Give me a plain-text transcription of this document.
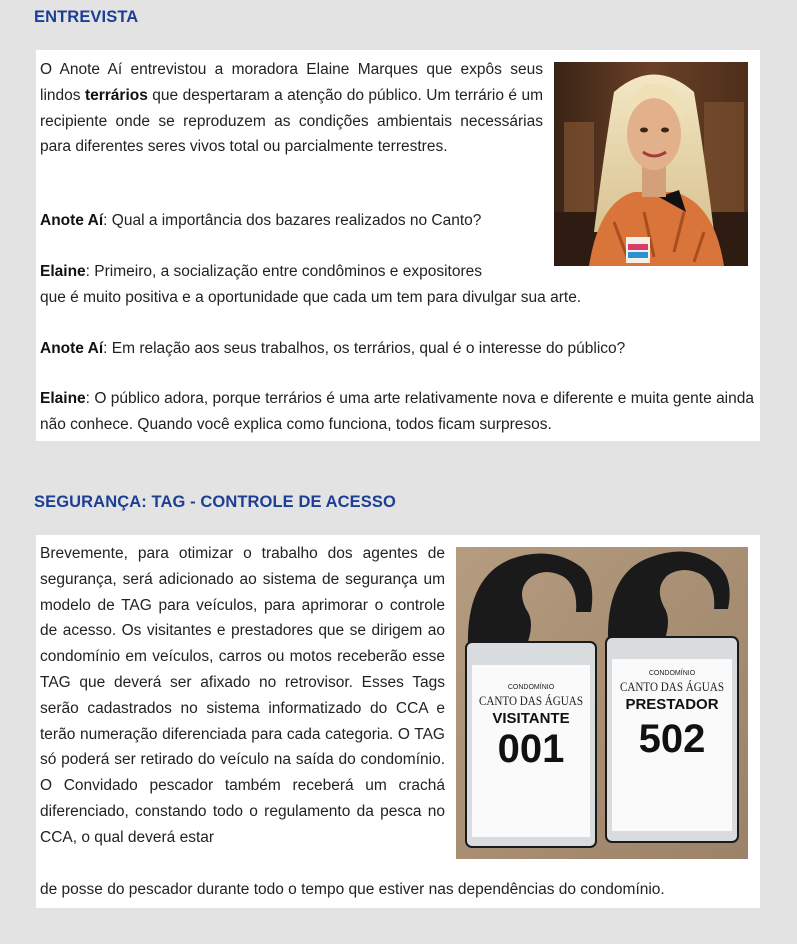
ENTREVISTA
O Anote Aí entrevistou a moradora Elaine Marques que expôs seus lindos terrários que despertaram a atenção do público. Um terrário é um recipiente onde se reproduzem as condições ambientais necessárias para diferentes seres vivos total ou parcialmente terrestres.
Anote Aí: Qual a importância dos bazares realizados no Canto?
Elaine: Primeiro, a socialização entre condôminos e expositores
que é muito positiva e a oportunidade que cada um tem para divulgar sua arte.
Anote Aí: Em relação aos seus trabalhos, os terrários, qual é o interesse do público?
Elaine: O público adora, porque terrários é uma arte relativamente nova e diferente e muita gente ainda não conhece. Quando você explica como funciona, todos ficam surpresos.
SEGURANÇA: TAG - CONTROLE DE ACESSO
Brevemente, para otimizar o trabalho dos agentes de segurança, será adicionado ao sistema de segurança um modelo de TAG para veículos, para aprimorar o controle de acesso. Os visitantes e prestadores que se dirigem ao condomínio em veículos, carros ou motos receberão esse TAG que deverá ser afixado no retrovisor. Esses Tags serão cadastrados no sistema informatizado do CCA e terão numeração diferenciada para cada categoria. O TAG só poderá ser retirado do veículo na saída do condomínio. O Convidado pescador também receberá um crachá diferenciado, constando todo o regulamento da pesca no CCA, o qual deverá estar
de posse do pescador durante todo o tempo que estiver nas dependências do condomínio.
CONDOMÍNIO
CANTO DAS ÁGUAS
VISITANTE
001
CONDOMÍNIO
CANTO DAS ÁGUAS
PRESTADOR
502
